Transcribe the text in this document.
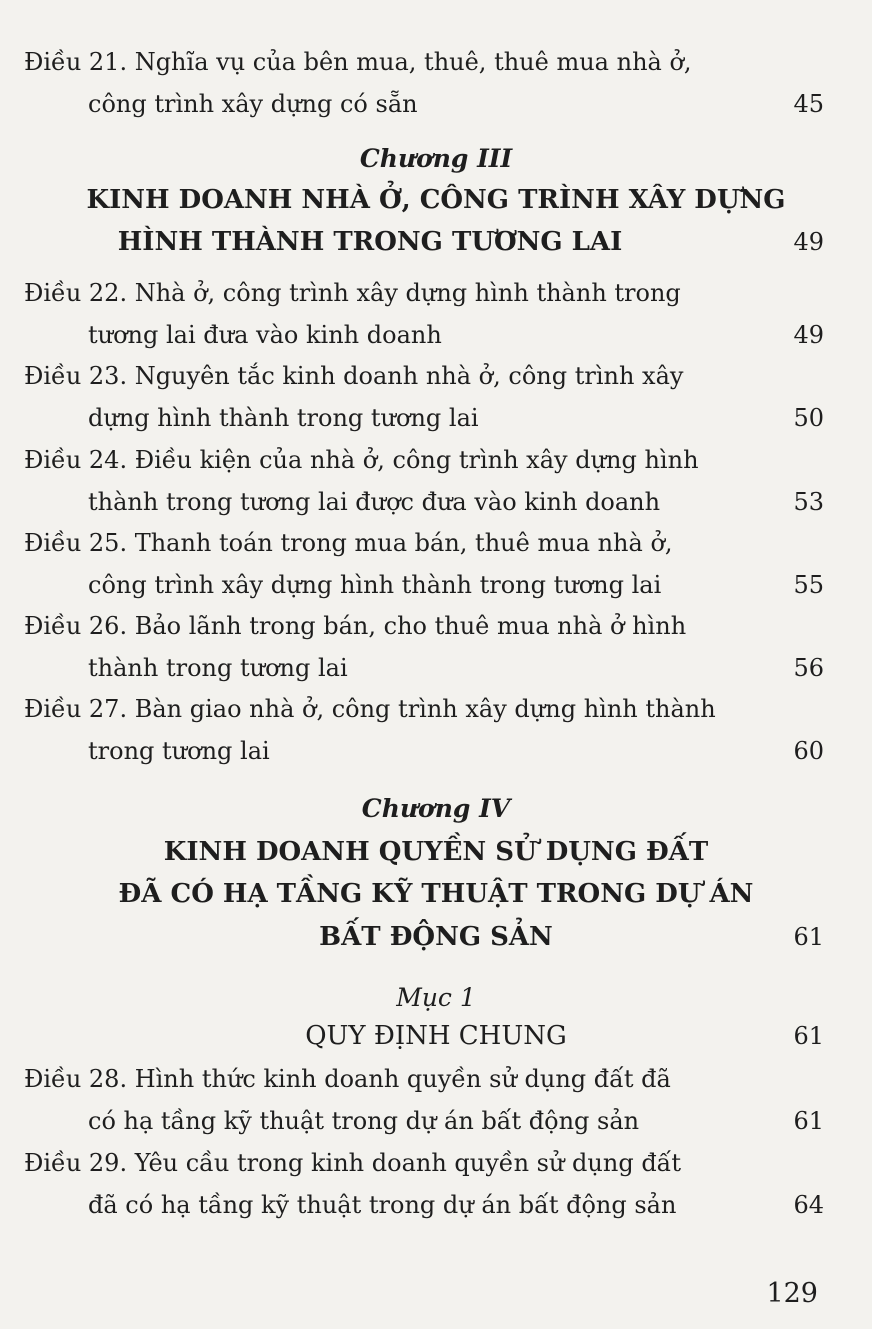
Điều 21. Nghĩa vụ của bên mua, thuê, thuê mua nhà ở,
công trình xây dựng có sẵn	45
Chương III
KINH DOANH NHÀ Ở, CÔNG TRÌNH XÂY DỰNG
HÌNH THÀNH TRONG TƯƠNG LAI	49
Điều 22. Nhà ở, công trình xây dựng hình thành trong
tương lai đưa vào kinh doanh	49
Điều 23. Nguyên tắc kinh doanh nhà ở, công trình xây
dựng hình thành trong tương lai	50
Điều 24. Điều kiện của nhà ở, công trình xây dựng hình
thành trong tương lai được đưa vào kinh doanh	53
Điều 25. Thanh toán trong mua bán, thuê mua nhà ở,
công trình xây dựng hình thành trong tương lai	55
Điều 26. Bảo lãnh trong bán, cho thuê mua nhà ở hình
thành trong tương lai	56
Điều 27. Bàn giao nhà ở, công trình xây dựng hình thành
trong tương lai	60
Chương IV
KINH DOANH QUYỀN SỬ DỤNG ĐẤT
ĐÃ CÓ HẠ TẦNG KỸ THUẬT TRONG DỰ ÁN
BẤT ĐỘNG SẢN	61
Mục 1
QUY ĐỊNH CHUNG	61
Điều 28. Hình thức kinh doanh quyền sử dụng đất đã
có hạ tầng kỹ thuật trong dự án bất động sản	61
Điều 29. Yêu cầu trong kinh doanh quyền sử dụng đất
đã có hạ tầng kỹ thuật trong dự án bất động sản	64
129
